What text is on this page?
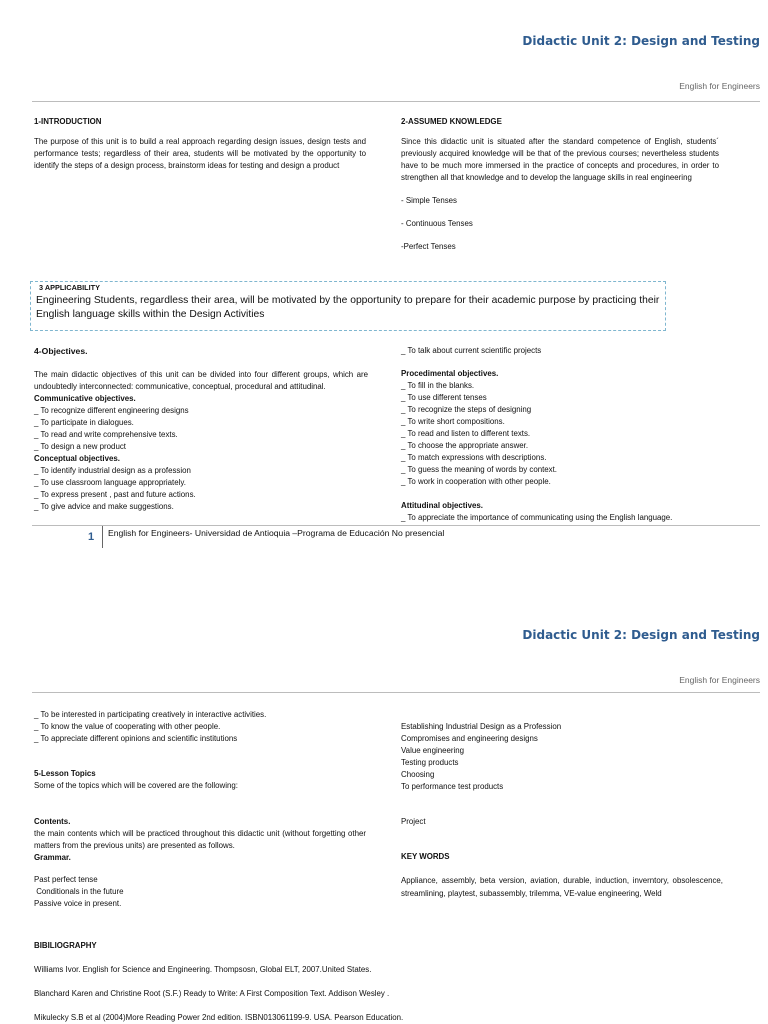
Didactic Unit 2: Design and Testing
English for Engineers
1-INTRODUCTION

The purpose of this unit is to build a real approach regarding design issues, design tests and performance tests; regardless of their area, students will be motivated by the opportunity to identify the steps of a design process, brainstorm ideas for testing and design a product

2-ASSUMED KNOWLEDGE

Since this didactic unit is situated after the standard competence of English, students´ previously acquired knowledge will be that of the previous courses; nevertheless students have to be much more immersed in the practice of concepts and procedures, in order to strengthen all that knowledge and to develop the language skills in real engineering

- Simple Tenses
- Continuous Tenses
-Perfect Tenses
3 APPLICABILITY
Engineering Students, regardless their area, will be motivated by the opportunity to prepare for their academic purpose by practicing their English language skills within the Design Activities
4-Objectives.

The main didactic objectives of this unit can be divided into four different groups, which are undoubtedly interconnected: communicative, conceptual, procedural and attitudinal.

Communicative objectives.
_ To recognize different engineering designs
_ To participate in dialogues.
_ To read and write comprehensive texts.
_ To design a new product
Conceptual objectives.
_ To identify industrial design as a profession
_ To use classroom language appropriately.
_ To express present , past and future actions.
_ To give advice and make suggestions.
_ To talk about current scientific projects
Procedimental objectives.
_ To fill in the blanks.
_ To use different tenses
_ To recognize the steps of designing
_ To write short compositions.
_ To read and listen to different texts.
_ To choose the appropriate answer.
_ To match expressions with descriptions.
_ To guess the meaning of words by context.
_ To work in cooperation with other people.
Attitudinal objectives.
_ To appreciate the importance of communicating using the English language.
1 English for Engineers- Universidad de Antioquia –Programa de Educación No presencial
Didactic Unit 2: Design and Testing
English for Engineers
_ To be interested in participating creatively in interactive activities.
_ To know the value of cooperating with other people.
_ To appreciate different opinions and scientific institutions
5-Lesson Topics
Some of the topics which will be covered are the following:
Contents.

the main contents which will be practiced throughout this didactic unit (without forgetting other matters from the previous units) are presented as follows.

Grammar.
Past perfect tense
Conditionals in the future
Passive voice in present.
Establishing Industrial Design as a Profession
Compromises and engineering designs
Value engineering
Testing products
Choosing
To performance test products
Project
KEY WORDS

Appliance, assembly, beta version, aviation, durable, induction, inverntory, obsolescence, streamlining, playtest, subassembly, trilemma, VE-value engineering, Weld

BIBILIOGRAPHY
Williams Ivor. English for Science and Engineering. Thompsosn, Global ELT, 2007.United States.
Blanchard Karen and Christine Root (S.F.) Ready to Write: A First Composition Text. Addison Wesley .
Mikulecky S.B et al (2004)More Reading Power 2nd edition. ISBN013061199-9. USA. Pearson Education.
